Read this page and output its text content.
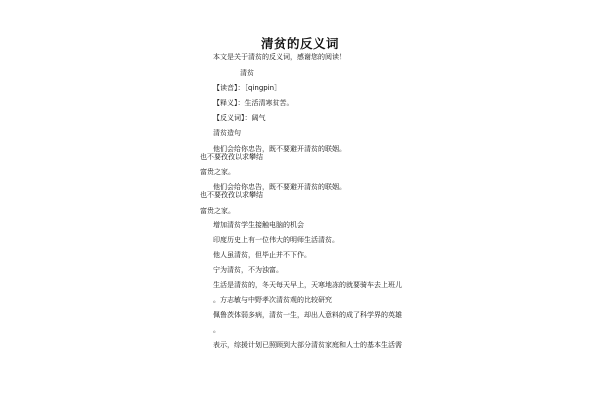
清贫的反义词
本文是关于清贫的反义词，感谢您的阅读！
清贫
【读音】：［qingpin］
【释义】：生活清寒贫苦。
【反义词】：阔气
清贫造句
他们会给你忠告，既不要避开清贫的联姻。
也不要孜孜以求攀结
富贵之家。
他们会给你忠告，既不要避开清贫的联姻。
也不要孜孜以求攀结
富贵之家。
增加清贫学生接触电脑的机会
印度历史上有一位伟大的明师生活清贫。
他人虽清贫，但毕止并不下作。
宁为清贫，不为浊富。
生活是清贫的，冬天每天早上，天寒地冻的就要骑车去上班儿
。方志敏与中野孝次清贫观的比较研究
佩鲁茨体弱多病，清贫一生，却出人意料的成了科学界的英雄
。
表示，综援计划已照顾到大部分清贫家庭和人士的基本生活需
